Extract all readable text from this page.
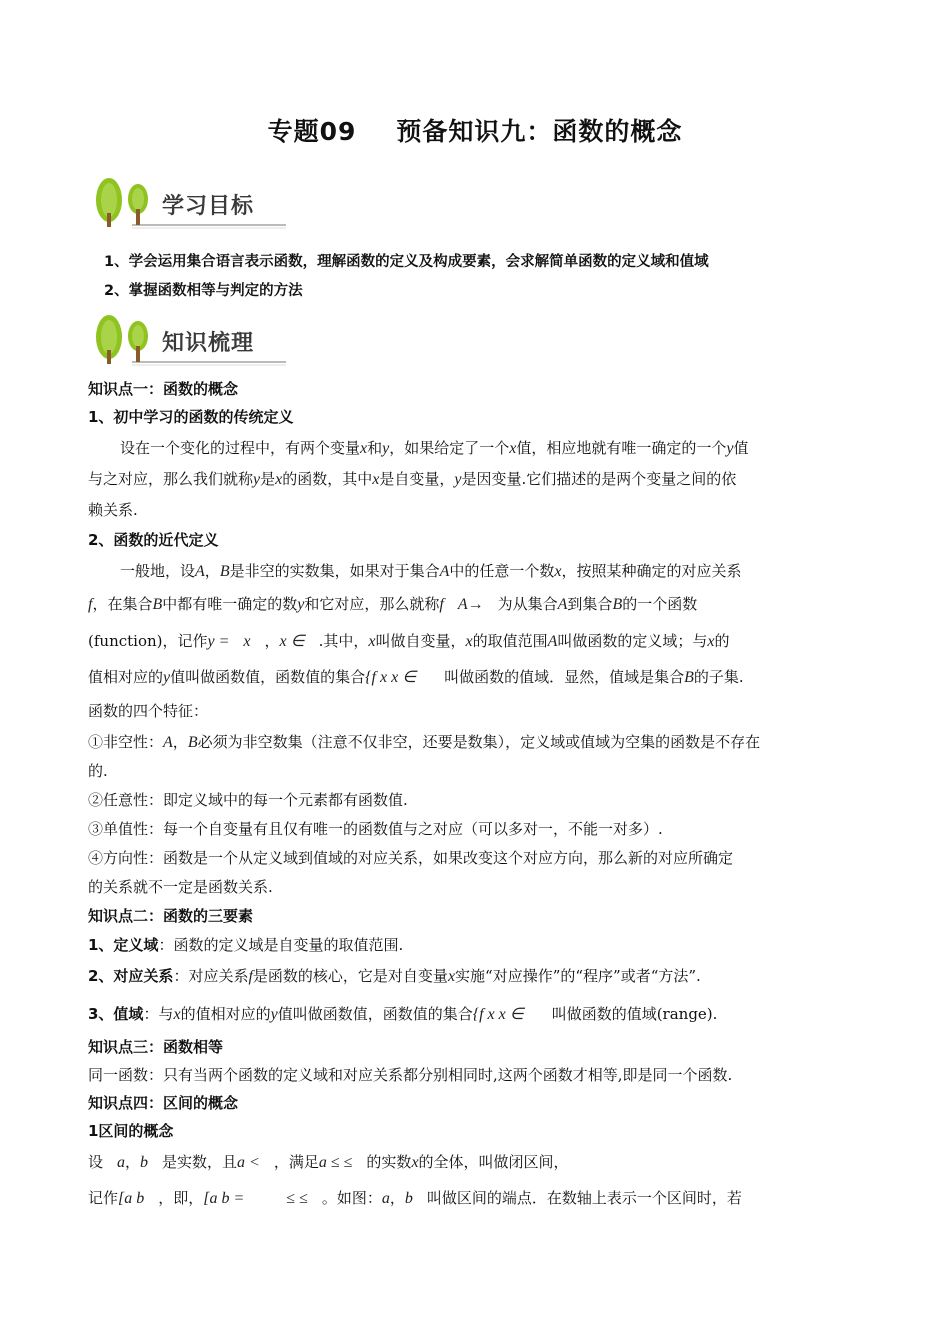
专题09 预备知识九：函数的概念
学习目标
1、学会运用集合语言表示函数，理解函数的定义及构成要素，会求解简单函数的定义域和值域
2、掌握函数相等与判定的方法
知识梳理
知识点一：函数的概念
1、初中学习的函数的传统定义
设在一个变化的过程中，有两个变量x和y，如果给定了一个x值，相应地就有唯一确定的一个y值
与之对应，那么我们就称y是x的函数，其中x是自变量，y是因变量.它们描述的是两个变量之间的依
赖关系.
2、函数的近代定义
一般地，设A，B是非空的实数集，如果对于集合A中的任意一个数x，按照某种确定的对应关系
f，在集合B中都有唯一确定的数y和它对应，那么就称f A→ 为从集合A到集合B的一个函数
(function)，记作y = x ，x ∈ .其中，x叫做自变量，x的取值范围A叫做函数的定义域；与x的
值相对应的y值叫做函数值，函数值的集合{f x x ∈ 叫做函数的值域．显然，值域是集合B的子集.
函数的四个特征：
①非空性：A，B必须为非空数集（注意不仅非空，还要是数集），定义域或值域为空集的函数是不存在
的.
②任意性：即定义域中的每一个元素都有函数值.
③单值性：每一个自变量有且仅有唯一的函数值与之对应（可以多对一，不能一对多）.
④方向性：函数是一个从定义域到值域的对应关系，如果改变这个对应方向，那么新的对应所确定
的关系就不一定是函数关系.
知识点二：函数的三要素
1、定义域：函数的定义域是自变量的取值范围.
2、对应关系：对应关系f是函数的核心，它是对自变量x实施“对应操作”的“程序”或者“方法”.
3、值域：与x的值相对应的y值叫做函数值，函数值的集合{f x x ∈ 叫做函数的值域(range).
知识点三：函数相等
同一函数：只有当两个函数的定义域和对应关系都分别相同时,这两个函数才相等,即是同一个函数.
知识点四：区间的概念
1区间的概念
设 a，b 是实数，且a < ，满足a ≤ ≤ 的实数x的全体，叫做闭区间，
记作[a b ，即，[a b =	≤ ≤ 。如图：a，b 叫做区间的端点．在数轴上表示一个区间时，若
